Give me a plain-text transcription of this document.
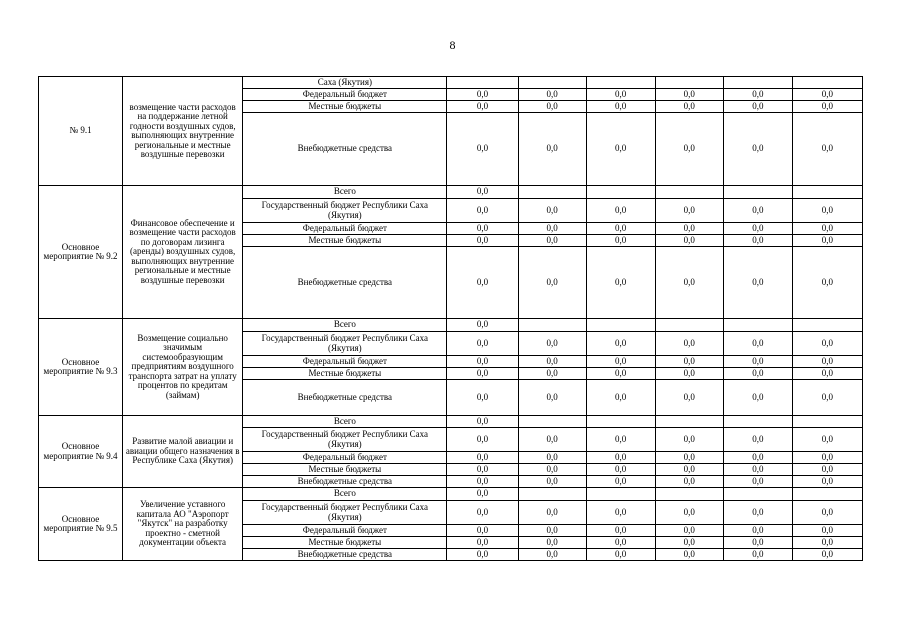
8
№ 9.1	возмещение части расходов на поддержание летной годности воздушных судов, выполняющих внутренние региональные и местные воздушные перевозки	Саха (Якутия)						
		Федеральный бюджет	0,0	0,0	0,0	0,0	0,0	0,0
		Местные бюджеты	0,0	0,0	0,0	0,0	0,0	0,0
		Внебюджетные средства	0,0	0,0	0,0	0,0	0,0	0,0
Основное мероприятие № 9.2	Финансовое обеспечение и возмещение части расходов по договорам лизинга (аренды) воздушных судов, выполняющих внутренние региональные и местные воздушные перевозки	Всего	0,0					
		Государственный бюджет Республики Саха (Якутия)	0,0	0,0	0,0	0,0	0,0	0,0
		Федеральный бюджет	0,0	0,0	0,0	0,0	0,0	0,0
		Местные бюджеты	0,0	0,0	0,0	0,0	0,0	0,0
		Внебюджетные средства	0,0	0,0	0,0	0,0	0,0	0,0
Основное мероприятие № 9.3	Возмещение социально значимым системообразующим предприятиям воздушного транспорта затрат на уплату процентов по кредитам (займам)	Всего	0,0					
		Государственный бюджет Республики Саха (Якутия)	0,0	0,0	0,0	0,0	0,0	0,0
		Федеральный бюджет	0,0	0,0	0,0	0,0	0,0	0,0
		Местные бюджеты	0,0	0,0	0,0	0,0	0,0	0,0
		Внебюджетные средства	0,0	0,0	0,0	0,0	0,0	0,0
Основное мероприятие № 9.4	Развитие малой авиации и авиации общего назначения в Республике Саха (Якутия)	Всего	0,0					
		Государственный бюджет Республики Саха (Якутия)	0,0	0,0	0,0	0,0	0,0	0,0
		Федеральный бюджет	0,0	0,0	0,0	0,0	0,0	0,0
		Местные бюджеты	0,0	0,0	0,0	0,0	0,0	0,0
		Внебюджетные средства	0,0	0,0	0,0	0,0	0,0	0,0
Основное мероприятие № 9.5	Увеличение уставного капитала АО "Аэропорт "Якутск" на разработку проектно - сметной документации объекта	Всего	0,0					
		Государственный бюджет Республики Саха (Якутия)	0,0	0,0	0,0	0,0	0,0	0,0
		Федеральный бюджет	0,0	0,0	0,0	0,0	0,0	0,0
		Местные бюджеты	0,0	0,0	0,0	0,0	0,0	0,0
		Внебюджетные средства	0,0	0,0	0,0	0,0	0,0	0,0
